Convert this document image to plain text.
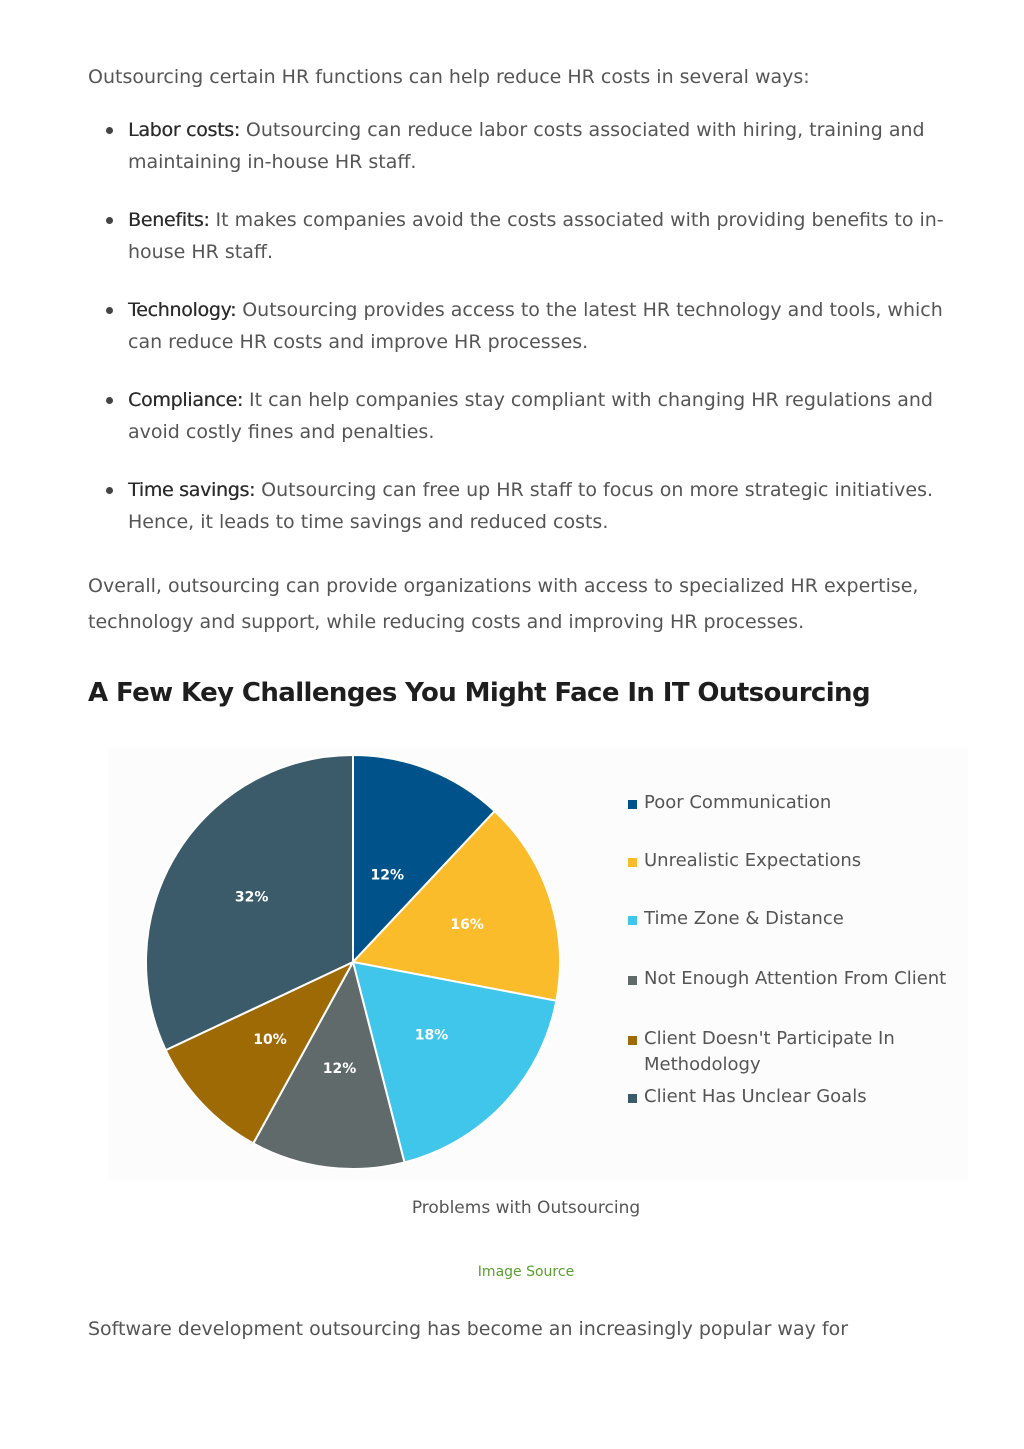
Outsourcing certain HR functions can help reduce HR costs in several ways:

Labor costs: Outsourcing can reduce labor costs associated with hiring, training and maintaining in-house HR staff.
Benefits: It makes companies avoid the costs associated with providing benefits to in-house HR staff.
Technology: Outsourcing provides access to the latest HR technology and tools, which can reduce HR costs and improve HR processes.
Compliance: It can help companies stay compliant with changing HR regulations and avoid costly fines and penalties.
Time savings: Outsourcing can free up HR staff to focus on more strategic initiatives. Hence, it leads to time savings and reduced costs.

Overall, outsourcing can provide organizations with access to specialized HR expertise, technology and support, while reducing costs and improving HR processes.

A Few Key Challenges You Might Face In IT Outsourcing
12%
16%
18%
12%
10%
32%
Poor Communication
Unrealistic Expectations
Time Zone & Distance
Not Enough Attention From Client
Client Doesn't Participate In Methodology
Client Has Unclear Goals
Problems with Outsourcing
Image Source

Software development outsourcing has become an increasingly popular way for
